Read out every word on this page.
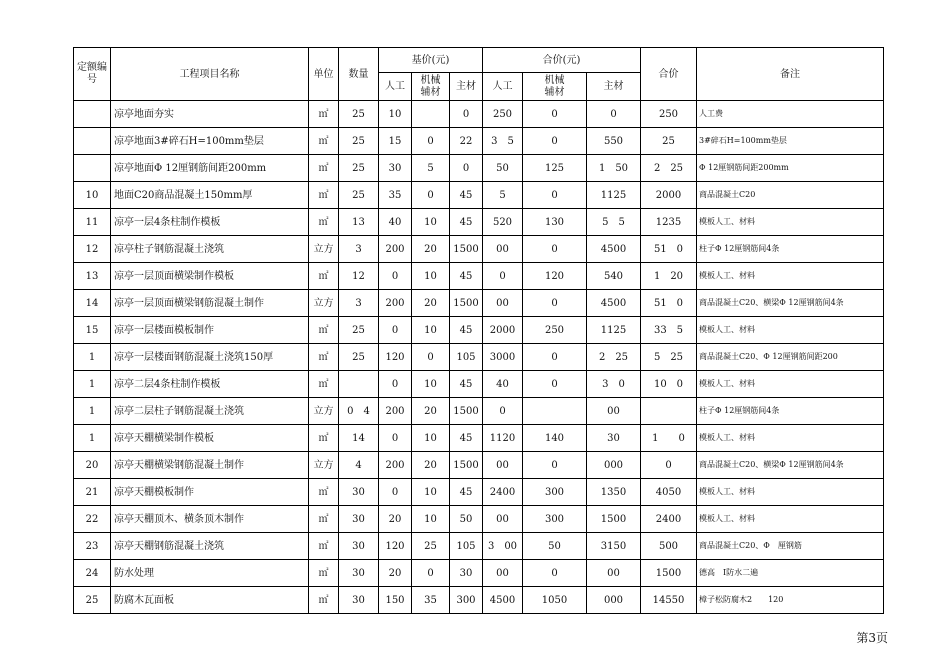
定额编号	工程项目名称	单位	数量	基价(元)			合价(元)			合价	备注
				人工	机械辅材	主材	人工	机械辅材	主材		
	凉亭地面夯实	㎡	25	10		0	250	0	0	250	人工费
	凉亭地面3#碎石H=100mm垫层	㎡	25	15	0	22	3　5	0	550	25	3#碎石H=100mm垫层
	凉亭地面Φ 12厘钢筋间距200mm	㎡	25	30	5	0	50	125	1　50	2　25	Φ 12厘钢筋间距200mm
10	地面C20商品混凝土150mm厚	㎡	25	35	0	45	5	0	1125	2000	商品混凝土C20
11	凉亭一层4条柱制作模板	㎡	13	40	10	45	520	130	5　5	1235	模板人工、材料
12	凉亭柱子钢筋混凝土浇筑	立方	3	200	20	1500	00	0	4500	51　0	柱子Φ 12厘钢筋间4条
13	凉亭一层顶面横梁制作模板	㎡	12	0	10	45	0	120	540	1　20	模板人工、材料
14	凉亭一层顶面横梁钢筋混凝土制作	立方	3	200	20	1500	00	0	4500	51　0	商品混凝土C20、横梁Φ 12厘钢筋间4条
15	凉亭一层楼面模板制作	㎡	25	0	10	45	2000	250	1125	33　5	模板人工、材料
1	凉亭一层楼面钢筋混凝土浇筑150厚	㎡	25	120	0	105	3000	0	2　25	5　25	商品混凝土C20、Φ 12厘钢筋间距200
1	凉亭二层4条柱制作模板	㎡		0	10	45	40	0	3　0	10　0	模板人工、材料
1	凉亭二层柱子钢筋混凝土浇筑	立方	0　4	200	20	1500	0		00		柱子Φ 12厘钢筋间4条
1	凉亭天棚横梁制作模板	㎡	14	0	10	45	1120	140	30	1　　0	模板人工、材料
20	凉亭天棚横梁钢筋混凝土制作	立方	4	200	20	1500	00	0	000	0	商品混凝土C20、横梁Φ 12厘钢筋间4条
21	凉亭天棚模板制作	㎡	30	0	10	45	2400	300	1350	4050	模板人工、材料
22	凉亭天棚顶木、横条顶木制作	㎡	30	20	10	50	00	300	1500	2400	模板人工、材料
23	凉亭天棚钢筋混凝土浇筑	㎡	30	120	25	105	3　00	50	3150	500	商品混凝土C20、Φ　厘钢筋
24	防水处理	㎡	30	20	0	30	00	0	00	1500	德高　I防水二遍
25	防腐木瓦面板	㎡	30	150	35	300	4500	1050	000	14550	樟子松防腐木2　　120
第3页
